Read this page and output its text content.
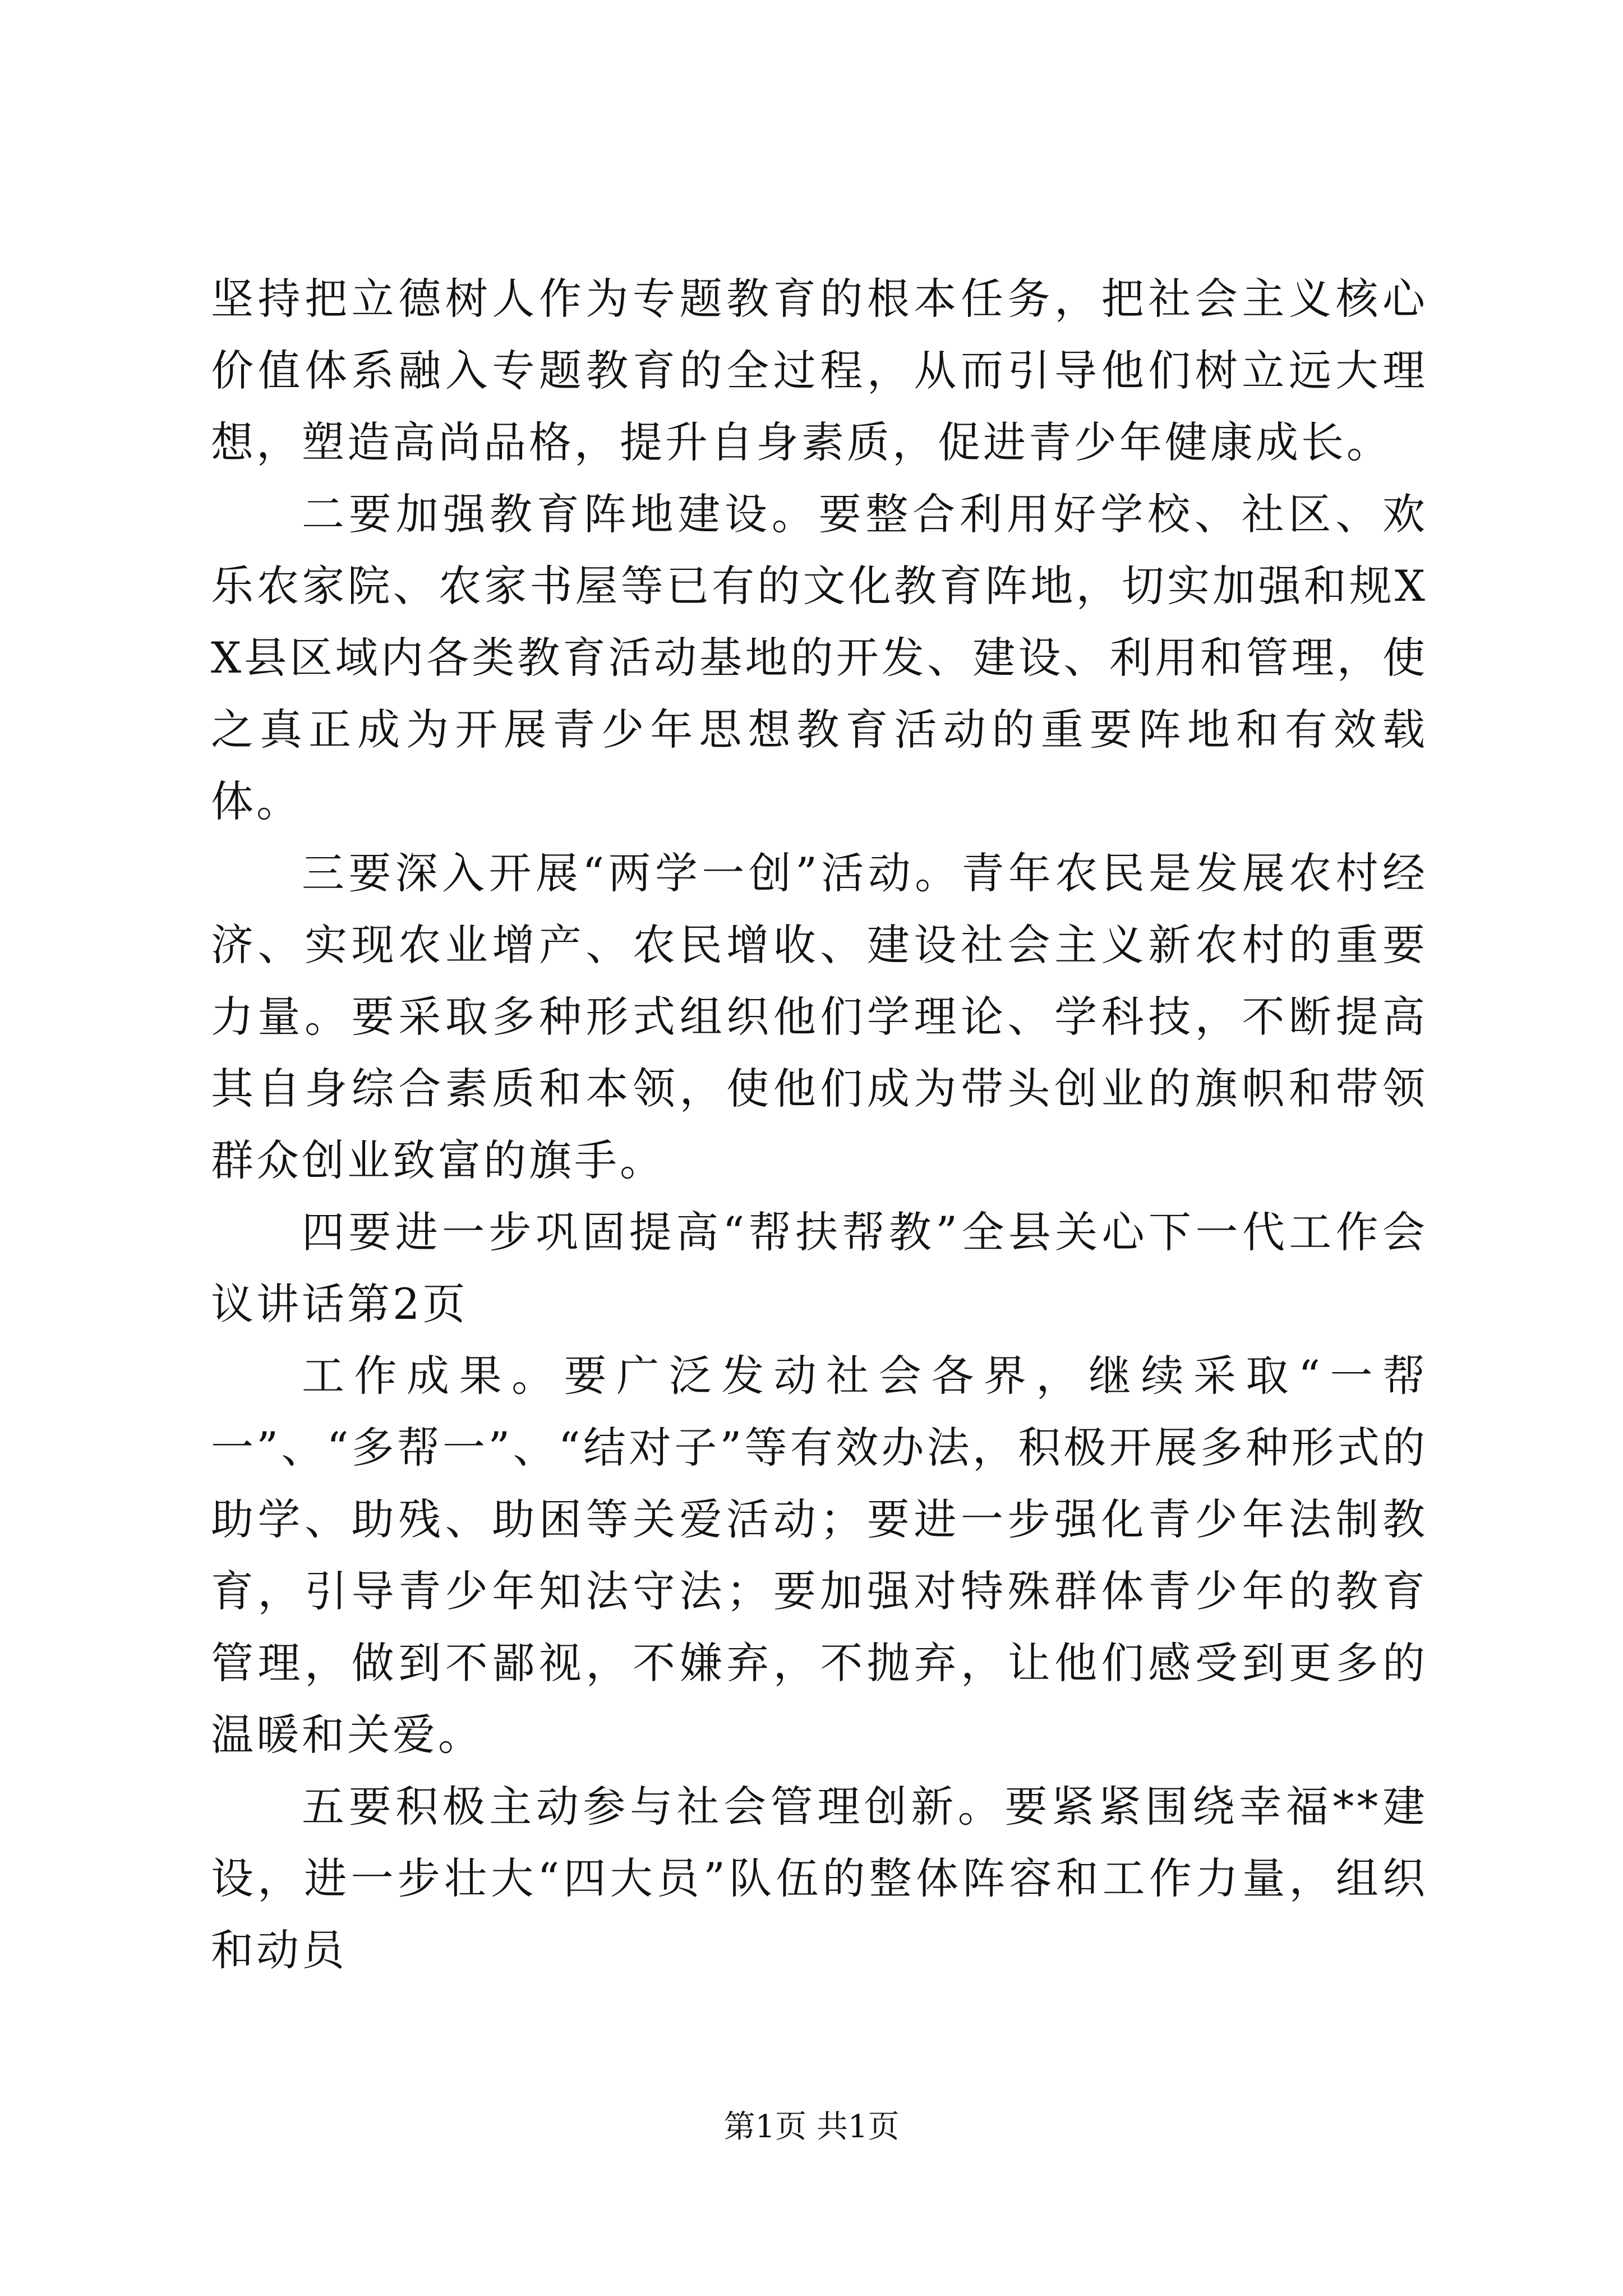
坚持把立德树人作为专题教育的根本任务，把社会主义核心价值体系融入专题教育的全过程，从而引导他们树立远大理想，塑造高尚品格，提升自身素质，促进青少年健康成长。

二要加强教育阵地建设。要整合利用好学校、社区、欢乐农家院、农家书屋等已有的文化教育阵地，切实加强和规XX县区域内各类教育活动基地的开发、建设、利用和管理，使之真正成为开展青少年思想教育活动的重要阵地和有效载体。

三要深入开展“两学一创”活动。青年农民是发展农村经济、实现农业增产、农民增收、建设社会主义新农村的重要力量。要采取多种形式组织他们学理论、学科技，不断提高其自身综合素质和本领，使他们成为带头创业的旗帜和带领群众创业致富的旗手。

四要进一步巩固提高“帮扶帮教”全县关心下一代工作会议讲话第2页

工作成果。要广泛发动社会各界，继续采取“一帮一”、“多帮一”、“结对子”等有效办法，积极开展多种形式的助学、助残、助困等关爱活动；要进一步强化青少年法制教育，引导青少年知法守法；要加强对特殊群体青少年的教育管理，做到不鄙视，不嫌弃，不抛弃，让他们感受到更多的温暖和关爱。

五要积极主动参与社会管理创新。要紧紧围绕幸福**建设，进一步壮大“四大员”队伍的整体阵容和工作力量，组织和动员

第1页 共1页
